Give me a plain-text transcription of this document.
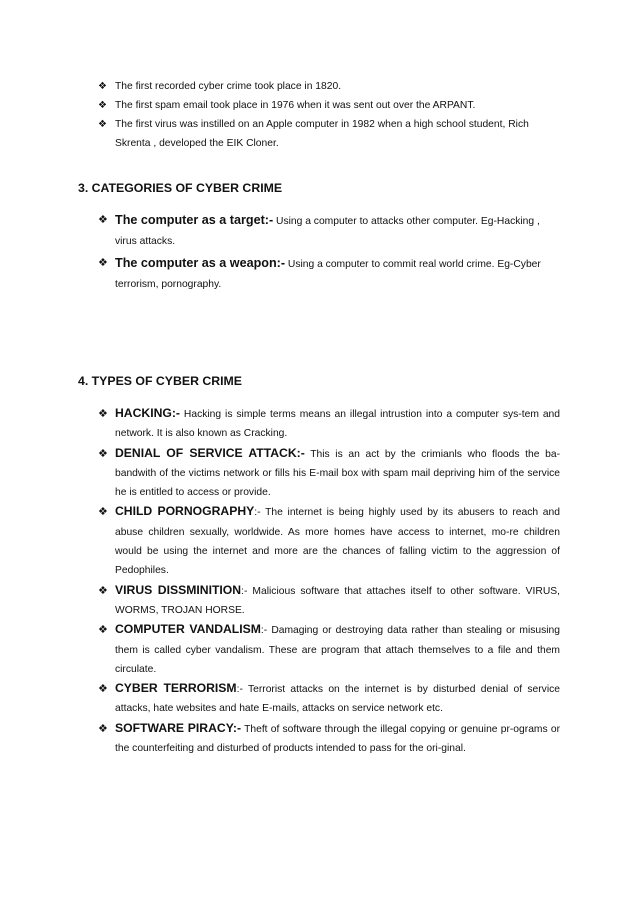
❖ The first recorded cyber crime took place in 1820.
❖ The first spam email took place in 1976 when it was sent out over the ARPANT.
❖ The first virus was instilled on an Apple computer in 1982 when a high school student, Rich Skrenta , developed the EIK Cloner.
3. CATEGORIES OF CYBER CRIME
❖ The computer as a target:- Using a computer to attacks other computer. Eg-Hacking , virus attacks.
❖ The computer as a weapon:- Using a computer to commit real world crime. Eg-Cyber terrorism, pornography.
4. TYPES OF CYBER CRIME
❖ HACKING:- Hacking is simple terms means an illegal intrustion into a computer sys-tem and network. It is also known as Cracking.
❖ DENIAL OF SERVICE ATTACK:- This is an act by the crimianls who floods the ba-bandwith of the victims network or fills his E-mail box with spam mail depriving him of the service he is entitled to access or provide.
❖ CHILD PORNOGRAPHY:- The internet is being highly used by its abusers to reach and abuse children sexually, worldwide. As more homes have access to internet, mo-re children would be using the internet and more are the chances of falling victim to the aggression of Pedophiles.
❖ VIRUS DISSMINITION:- Malicious software that attaches itself to other software. VIRUS, WORMS, TROJAN HORSE.
❖ COMPUTER VANDALISM:- Damaging or destroying data rather than stealing or misusing them is called cyber vandalism. These are program that attach themselves to a file and them circulate.
❖ CYBER TERRORISM:- Terrorist attacks on the internet is by disturbed denial of service attacks, hate websites and hate E-mails, attacks on service network etc.
❖ SOFTWARE PIRACY:- Theft of software through the illegal copying or genuine pr-ograms or the counterfeiting and disturbed of products intended to pass for the ori-ginal.
